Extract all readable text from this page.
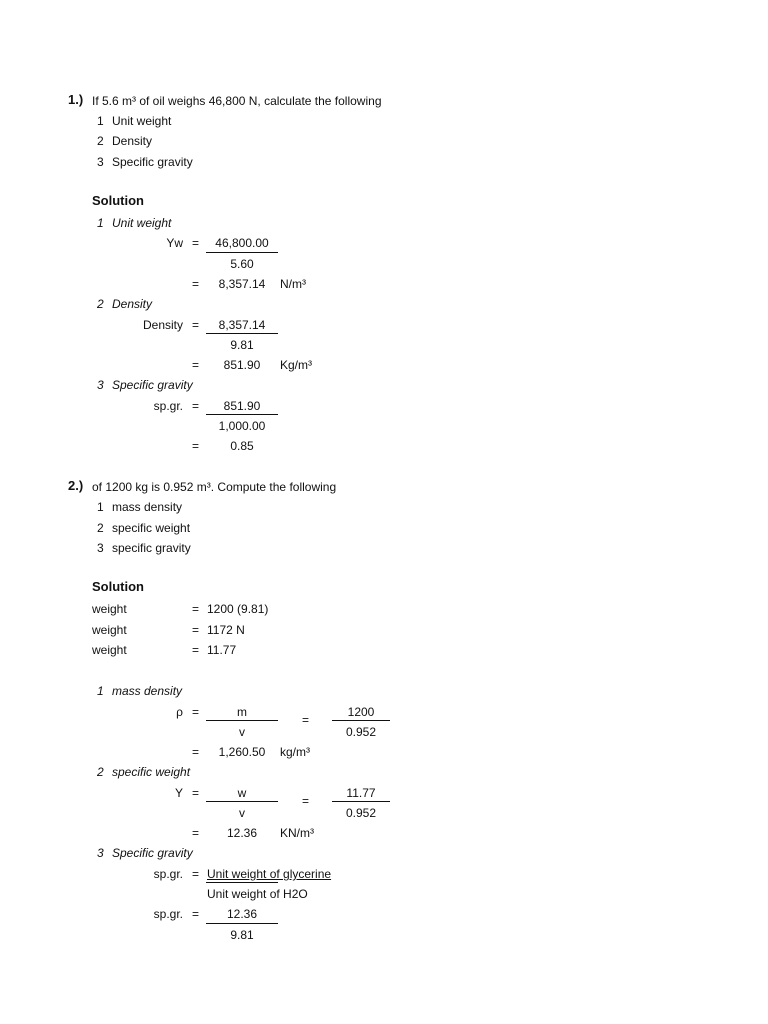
1.) If 5.6 m³ of oil weighs 46,800 N, calculate the following
1 Unit weight
2 Density
3 Specific gravity
Solution
1 Unit weight
Yw =	46,800.00
5.60
=	8,357.14	N/m³
2 Density
Density =	8,357.14
9.81
=	851.90	Kg/m³
3 Specific gravity
sp.gr. =	851.90
1,000.00
=	0.85
2.) of 1200 kg is 0.952 m³. Compute the following
1 mass density
2 specific weight
3 specific gravity
Solution
weight	= 1200 (9.81)
weight	= 1172 N
weight	= 11.77
1 mass density
ρ =	m
v
=
1200
0.952
=	1,260.50	kg/m³
2 specific weight
Y =	w
v
=
11.77
0.952
=	12.36	KN/m³
3 Specific gravity
sp.gr. = Unit weight of glycerine
Unit weight of H2O
sp.gr. =	12.36
9.81
